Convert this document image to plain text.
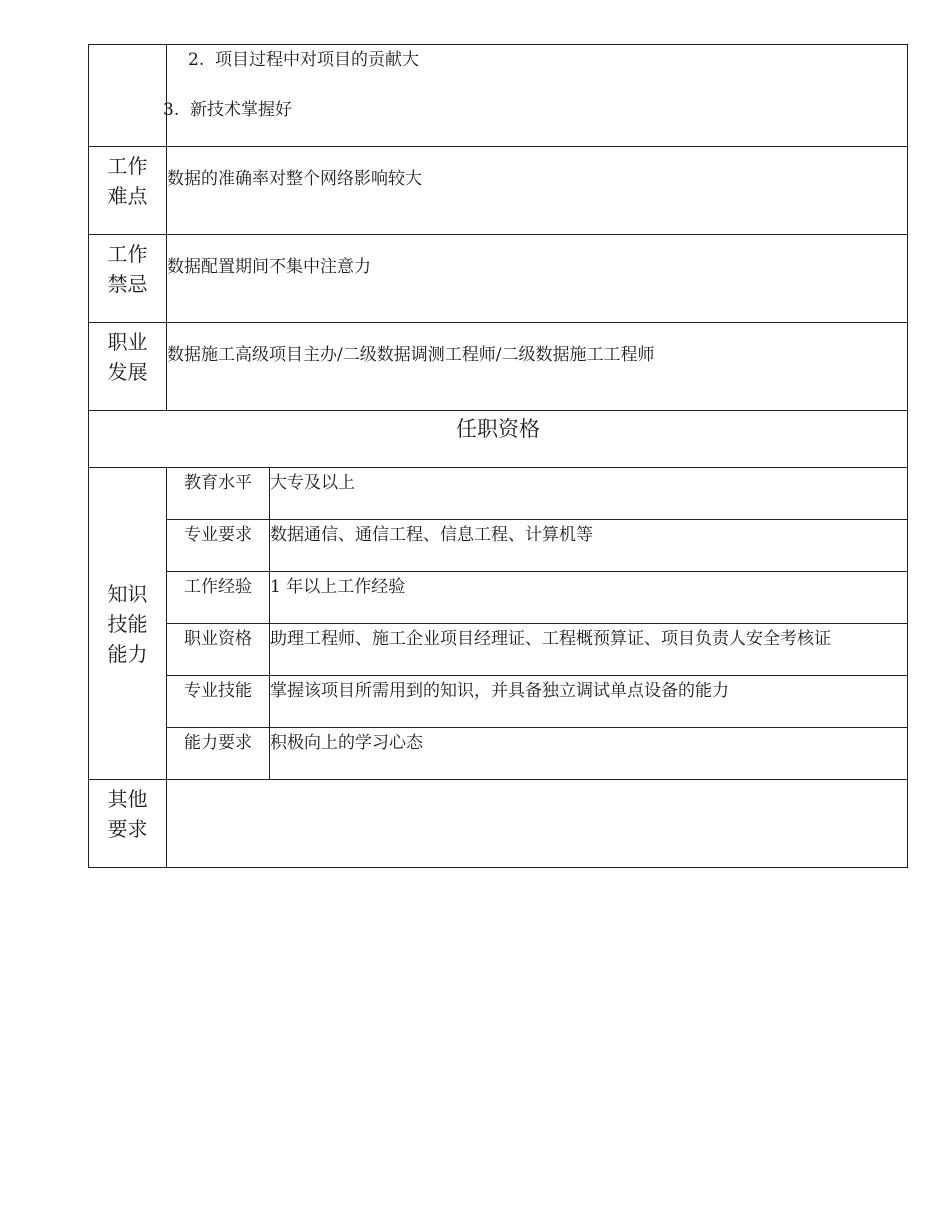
	2. 项目过程中对项目的贡献大
3. 新技术掌握好	

工作
难点	数据的准确率对整个网络影响较大	

工作
禁忌	数据配置期间不集中注意力	

职业
发展	数据施工高级项目主办/二级数据调测工程师/二级数据施工工程师	
任职资格		

知识
技能
能力	教育水平	大专及以上
	专业要求	数据通信、通信工程、信息工程、计算机等
	工作经验	1 年以上工作经验
	职业资格	助理工程师、施工企业项目经理证、工程概预算证、项目负责人安全考核证
	专业技能	掌握该项目所需用到的知识，并具备独立调试单点设备的能力
	能力要求	积极向上的学习心态

其他
要求		
